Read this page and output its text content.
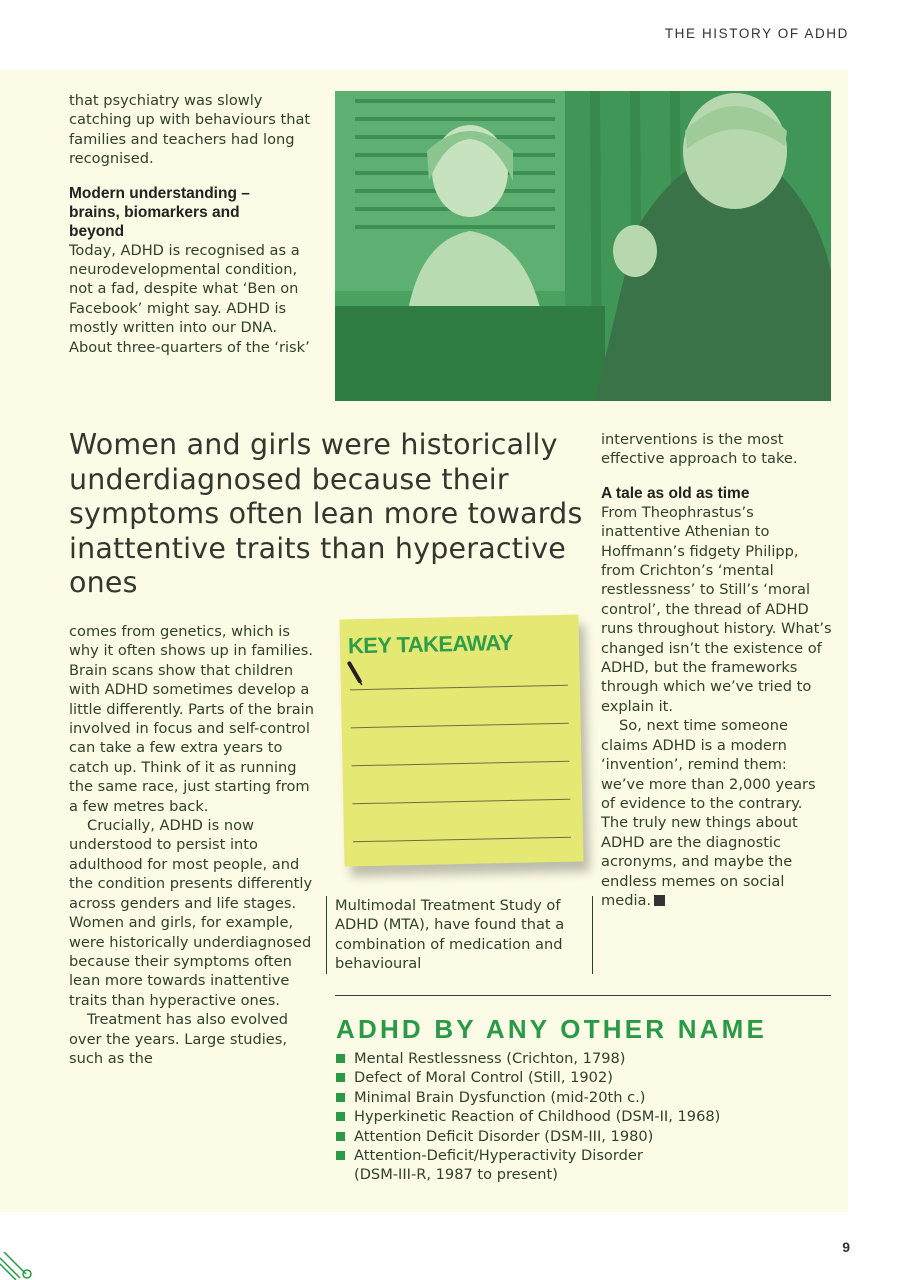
THE HISTORY OF ADHD

that psychiatry was slowly catching up with behaviours that families and teachers had long recognised.

Modern understanding – brains, biomarkers and beyond

Today, ADHD is recognised as a neurodevelopmental condition, not a fad, despite what ‘Ben on Facebook’ might say. ADHD is mostly written into our DNA. About three-quarters of the ‘risk’

Women and girls were historically underdiagnosed because their symptoms often lean more towards inattentive traits than hyperactive ones

comes from genetics, which is why it often shows up in families. Brain scans show that children with ADHD sometimes develop a little differently. Parts of the brain involved in focus and self-control can take a few extra years to catch up. Think of it as running the same race, just starting from a few metres back.

Crucially, ADHD is now understood to persist into adulthood for most people, and the condition presents differently across genders and life stages. Women and girls, for example, were historically underdiagnosed because their symptoms often lean more towards inattentive traits than hyperactive ones.

Treatment has also evolved over the years. Large studies, such as the

KEY TAKEAWAY

Multimodal Treatment Study of ADHD (MTA), have found that a combination of medication and behavioural

interventions is the most effective approach to take.

A tale as old as time

From Theophrastus’s inattentive Athenian to Hoffmann’s fidgety Philipp, from Crichton’s ‘mental restlessness’ to Still’s ‘moral control’, the thread of ADHD runs throughout history. What’s changed isn’t the existence of ADHD, but the frameworks through which we’ve tried to explain it.

So, next time someone claims ADHD is a modern ‘invention’, remind them: we’ve more than 2,000 years of evidence to the contrary. The truly new things about ADHD are the diagnostic acronyms, and maybe the endless memes on social media.

ADHD BY ANY OTHER NAME
Mental Restlessness (Crichton, 1798)
Defect of Moral Control (Still, 1902)
Minimal Brain Dysfunction (mid-20th c.)
Hyperkinetic Reaction of Childhood (DSM-II, 1968)
Attention Deficit Disorder (DSM-III, 1980)
Attention-Deficit/Hyperactivity Disorder (DSM-III-R, 1987 to present)
9
